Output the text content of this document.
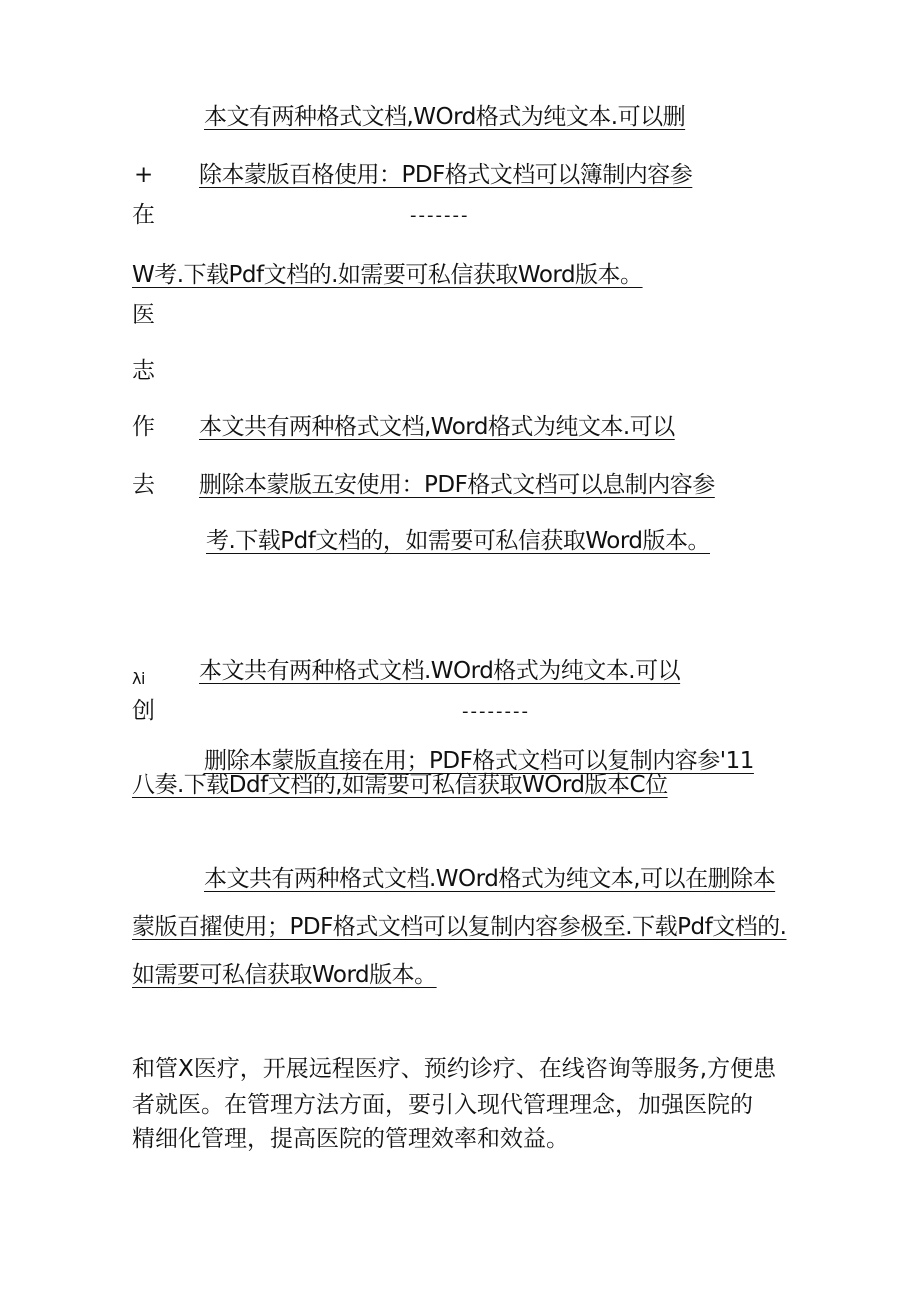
本文有两种格式文档,WOrd格式为纯文本.可以删
+ 除本蒙版百格使用：PDF格式文档可以簿制内容参
在	-------
W考.下载Pdf文档的.如需要可私信获取Word版本。
医
志
作 本文共有两种格式文档,Word格式为纯文本.可以
去 删除本蒙版五安使用：PDF格式文档可以息制内容参
考.下载Pdf文档的，如需要可私信获取Word版本。
λi 本文共有两种格式文档.WOrd格式为纯文本.可以
创	--------
删除本蒙版直接在用；PDF格式文档可以复制内容参'11
八奏.下载Ddf文档的,如需要可私信获取WOrd版本C位
本文共有两种格式文档.WOrd格式为纯文本,可以在删除本
蒙版百擢使用；PDF格式文档可以复制内容参极至.下载Pdf文档的.
如需要可私信获取Word版本。
和管X医疗，开展远程医疗、预约诊疗、在线咨询等服务,方便患
者就医。在管理方法方面，要引入现代管理理念，加强医院的
精细化管理，提高医院的管理效率和效益。
